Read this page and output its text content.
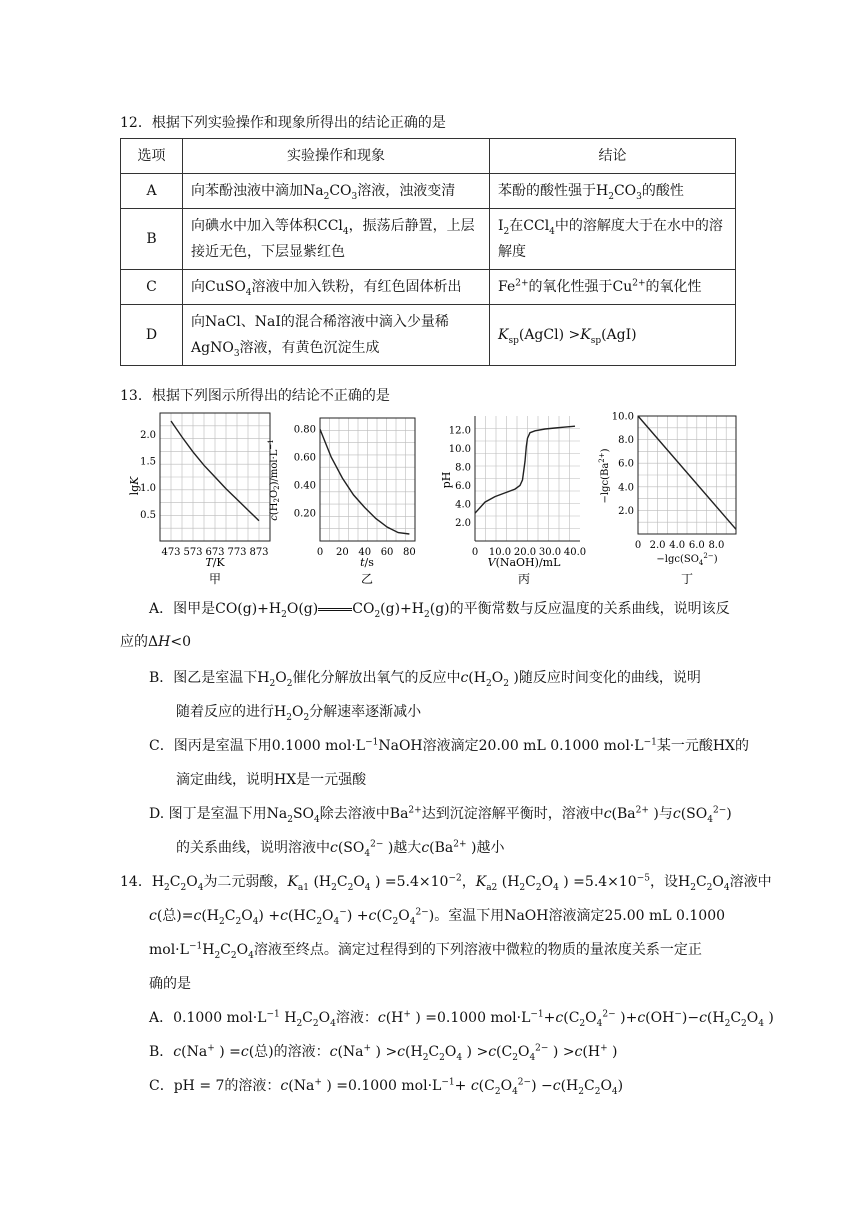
12．根据下列实验操作和现象所得出的结论正确的是
选项	实验操作和现象	结论
A	向苯酚浊液中滴加$Na_2CO_3$溶液，浊液变清	苯酚的酸性强于$H_2CO_3$的酸性
B	向碘水中加入等体积CCl$_4$，振荡后静置，上层接近无色，下层显紫红色	$I_2$在CCl$_4$中的溶解度大于在水中的溶解度
C	向CuSO$_4$溶液中加入铁粉，有红色固体析出	$Fe^{2+}$的氧化性强于$Cu^{2+}$的氧化性
D	向NaCl、NaI的混合稀溶液中滴入少量稀AgNO$_3$溶液，有黄色沉淀生成	$K_{sp}(AgCl) >K_{sp}(AgI)$
13．根据下列图示所得出的结论不正确的是
473 573 673 773 873
0.5
1.0
1.5
2.0
lgK
T/K
甲
0 20 40 60 80
0.20
0.40
0.60
0.80
$c(H_2O_2)/mol\cdot L^{-1}$
t/s
乙
0 10.0 20.0 30.0 40.0
2.0
4.0
6.0
8.0
10.0
12.0
pH
V(NaOH)/mL
丙
0 2.0 4.0 6.0 8.0
2.0
4.0
6.0
8.0
10.0
$-\lg c(Ba^{2+})$
$-\lg c(SO_4^{2-})$
丁
A．图甲是$CO(g)+H_2O(g)$ $CO_2(g)+H_2(g)$的平衡常数与反应温度的关系曲线，说明该反
应的ΔH<0
B．图乙是室温下$H_2O_2$催化分解放出氧气的反应中$c(H_2O_2$ )随反应时间变化的曲线，说明
随着反应的进行$H_2O_2$分解速率逐渐减小
C．图丙是室温下用0.1000 $mol\cdot L^{-1}NaOH$溶液滴定20.00 mL 0.1000 $mol\cdot L^{-1}$某一元酸HX的
滴定曲线，说明HX是一元强酸
D. 图丁是室温下用$Na_2SO_4$除去溶液中$Ba^{2+}$达到沉淀溶解平衡时，溶液中$c(Ba^{2+}$ )与$c(SO_4^{2-})$
的关系曲线，说明溶液中$c(SO_4^{2-}$ )越大$c(Ba^{2+}$ )越小
14．$H_2C_2O_4$为二元弱酸，$K_{a1}$ ($H_2C_2O_4$ ) $=5.4\times 10^{-2}$，$K_{a2}$ ($H_2C_2O_4$ ) $=5.4\times 10^{-5}$，设$H_2C_2O_4$溶液中
c(总)$=c(H_2C_2O_4) +c(HC_2O_4^-) +c(C_2O_4^{2-})$。室温下用NaOH溶液滴定25.00 mL 0.1000
$mol\cdot L^{-1}H_2C_2O_4$溶液至终点。滴定过程得到的下列溶液中微粒的物质的量浓度关系一定正
确的是
A．0.1000 $mol\cdot L^{-1}$ $H_2C_2O_4$溶液：c(H+ ) =0.1000 $mol\cdot L^{-1}+c(C_2O_4^{2-}$ )$+c(OH^-)-c(H_2C_2O_4$ )
B．c(Na+ ) =c(总)的溶液：c(Na+ ) $>c(H_2C_2O_4$ ) $>c(C_2O_4^{2-}$ ) >c(H+ )
C．pH = 7的溶液：c(Na+ ) =0.1000 $mol\cdot L^{-1}+ c(C_2O_4^{2-}) -c(H_2C_2O_4)$
